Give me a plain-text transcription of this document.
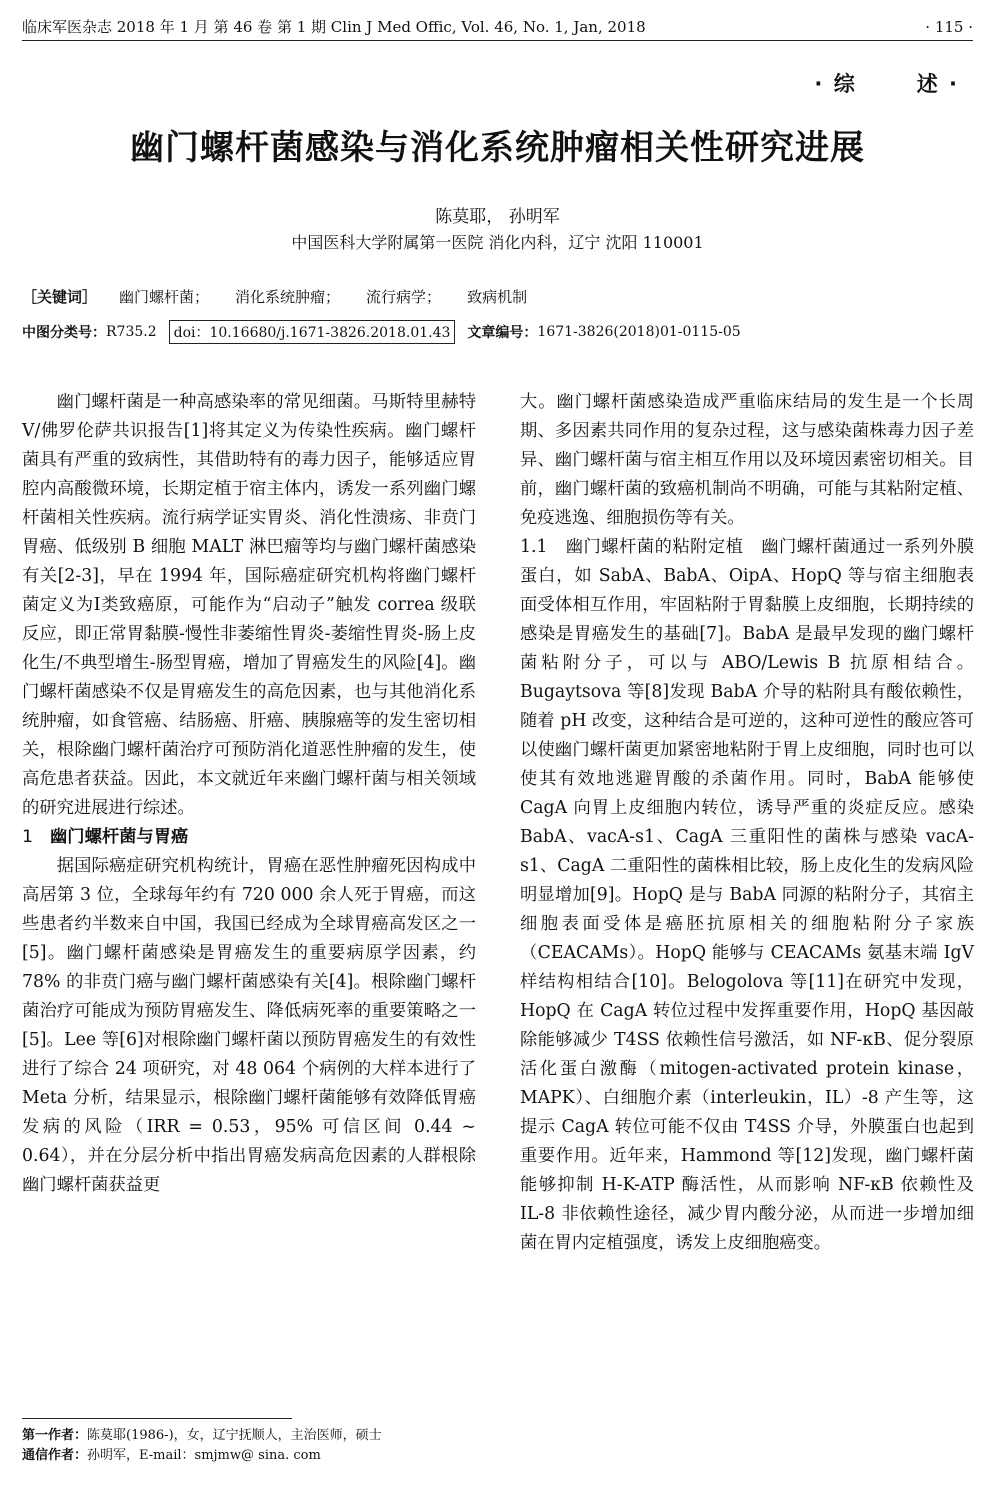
临床军医杂志 2018 年 1 月 第 46 卷 第 1 期 Clin J Med Offic, Vol. 46, No. 1, Jan, 2018	· 115 ·
· 综	述 ·
幽门螺杆菌感染与消化系统肿瘤相关性研究进展
陈莫耶， 孙明军
中国医科大学附属第一医院 消化内科，辽宁 沈阳 110001
［关键词］ 幽门螺杆菌； 消化系统肿瘤； 流行病学； 致病机制
中图分类号： R735.2	doi：10.16680/j.1671-3826.2018.01.43	文章编号： 1671-3826(2018)01-0115-05

幽门螺杆菌是一种高感染率的常见细菌。马斯特里赫特 V/佛罗伦萨共识报告[1]将其定义为传染性疾病。幽门螺杆菌具有严重的致病性，其借助特有的毒力因子，能够适应胃腔内高酸微环境，长期定植于宿主体内，诱发一系列幽门螺杆菌相关性疾病。流行病学证实胃炎、消化性溃疡、非贲门胃癌、低级别 B 细胞 MALT 淋巴瘤等均与幽门螺杆菌感染有关[2-3]，早在 1994 年，国际癌症研究机构将幽门螺杆菌定义为Ⅰ类致癌原，可能作为“启动子”触发 correa 级联反应，即正常胃黏膜-慢性非萎缩性胃炎-萎缩性胃炎-肠上皮化生/不典型增生-肠型胃癌，增加了胃癌发生的风险[4]。幽门螺杆菌感染不仅是胃癌发生的高危因素，也与其他消化系统肿瘤，如食管癌、结肠癌、肝癌、胰腺癌等的发生密切相关，根除幽门螺杆菌治疗可预防消化道恶性肿瘤的发生，使高危患者获益。因此，本文就近年来幽门螺杆菌与相关领域的研究进展进行综述。

1 幽门螺杆菌与胃癌

据国际癌症研究机构统计，胃癌在恶性肿瘤死因构成中高居第 3 位，全球每年约有 720 000 余人死于胃癌，而这些患者约半数来自中国，我国已经成为全球胃癌高发区之一[5]。幽门螺杆菌感染是胃癌发生的重要病原学因素，约 78% 的非贲门癌与幽门螺杆菌感染有关[4]。根除幽门螺杆菌治疗可能成为预防胃癌发生、降低病死率的重要策略之一[5]。Lee 等[6]对根除幽门螺杆菌以预防胃癌发生的有效性进行了综合 24 项研究，对 48 064 个病例的大样本进行了 Meta 分析，结果显示，根除幽门螺杆菌能够有效降低胃癌发病的风险（IRR = 0.53，95% 可信区间 0.44 ~ 0.64），并在分层分析中指出胃癌发病高危因素的人群根除幽门螺杆菌获益更

大。幽门螺杆菌感染造成严重临床结局的发生是一个长周期、多因素共同作用的复杂过程，这与感染菌株毒力因子差异、幽门螺杆菌与宿主相互作用以及环境因素密切相关。目前，幽门螺杆菌的致癌机制尚不明确，可能与其粘附定植、免疫逃逸、细胞损伤等有关。

1.1　幽门螺杆菌的粘附定植　幽门螺杆菌通过一系列外膜蛋白，如 SabA、BabA、OipA、HopQ 等与宿主细胞表面受体相互作用，牢固粘附于胃黏膜上皮细胞，长期持续的感染是胃癌发生的基础[7]。BabA 是最早发现的幽门螺杆菌粘附分子，可以与 ABO/Lewis B 抗原相结合。Bugaytsova 等[8]发现 BabA 介导的粘附具有酸依赖性，随着 pH 改变，这种结合是可逆的，这种可逆性的酸应答可以使幽门螺杆菌更加紧密地粘附于胃上皮细胞，同时也可以使其有效地逃避胃酸的杀菌作用。同时，BabA 能够使 CagA 向胃上皮细胞内转位，诱导严重的炎症反应。感染 BabA、vacA-s1、CagA 三重阳性的菌株与感染 vacA-s1、CagA 二重阳性的菌株相比较，肠上皮化生的发病风险明显增加[9]。HopQ 是与 BabA 同源的粘附分子，其宿主细胞表面受体是癌胚抗原相关的细胞粘附分子家族（CEACAMs）。HopQ 能够与 CEACAMs 氨基末端 IgV 样结构相结合[10]。Belogolova 等[11]在研究中发现，HopQ 在 CagA 转位过程中发挥重要作用，HopQ 基因敲除能够减少 T4SS 依赖性信号激活，如 NF-κB、促分裂原活化蛋白激酶（mitogen-activated protein kinase，MAPK）、白细胞介素（interleukin，IL）-8 产生等，这提示 CagA 转位可能不仅由 T4SS 介导，外膜蛋白也起到重要作用。近年来，Hammond 等[12]发现，幽门螺杆菌能够抑制 H-K-ATP 酶活性，从而影响 NF-κB 依赖性及 IL-8 非依赖性途径，减少胃内酸分泌，从而进一步增加细菌在胃内定植强度，诱发上皮细胞癌变。

第一作者：陈莫耶(1986-)，女，辽宁抚顺人，主治医师，硕士
通信作者：孙明军，E-mail：smjmw@ sina. com
